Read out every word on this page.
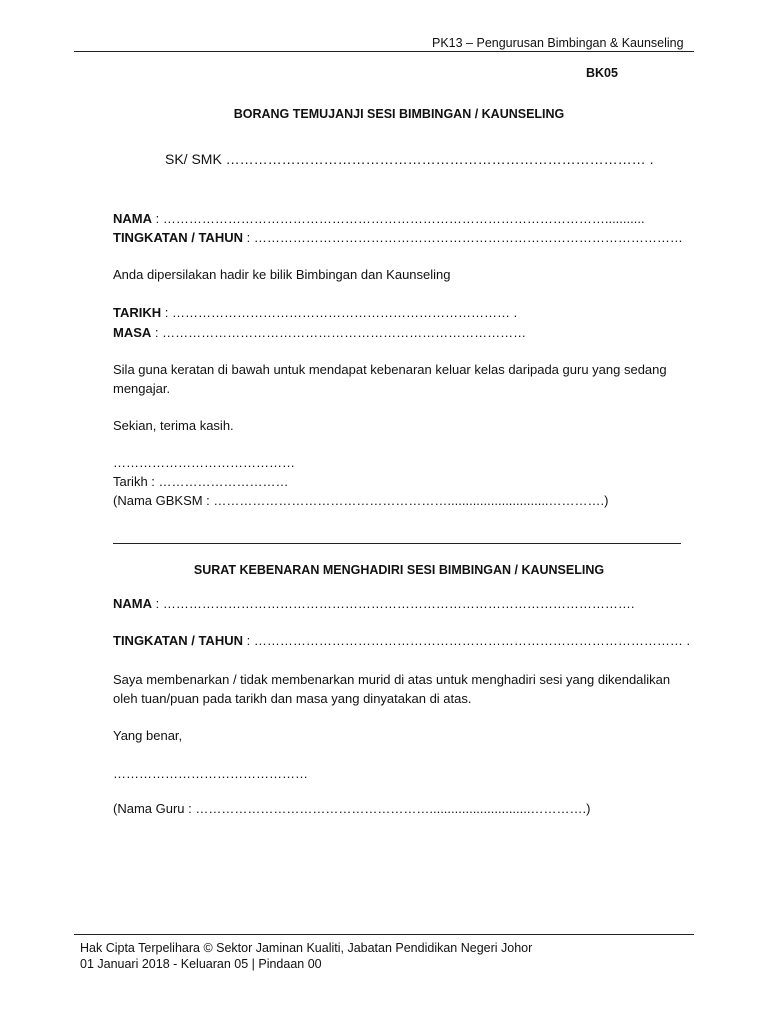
PK13 – Pengurusan Bimbingan & Kaunseling
BK05
BORANG TEMUJANJI SESI BIMBINGAN / KAUNSELING
SK/ SMK ……………………………………………………………………………… .
NAMA : …………………………………………………………………………………………...........
TINGKATAN / TAHUN : ………………………………………………………………………………………
Anda dipersilakan hadir ke bilik Bimbingan dan Kaunseling
TARIKH : …………………………………………………………………… .
MASA : …………………………………………………………………………
Sila guna keratan di bawah untuk mendapat kebenaran keluar kelas daripada guru yang sedang mengajar.
Sekian, terima kasih.
……………………………………
Tarikh : …………………………
(Nama GBKSM : ………………………………………………............................………….)
SURAT KEBENARAN MENGHADIRI SESI BIMBINGAN / KAUNSELING
NAMA : ……………………………………………………………………………………………….
TINGKATAN / TAHUN : ……………………………………………………………………………………… .
Saya membenarkan / tidak membenarkan murid di atas untuk menghadiri sesi yang dikendalikan oleh tuan/puan pada tarikh dan masa yang dinyatakan di atas.
Yang benar,
………………………………………
(Nama Guru : ………………………………………………............................………….)
Hak Cipta Terpelihara © Sektor Jaminan Kualiti, Jabatan Pendidikan Negeri Johor
01 Januari 2018 - Keluaran 05 | Pindaan 00
